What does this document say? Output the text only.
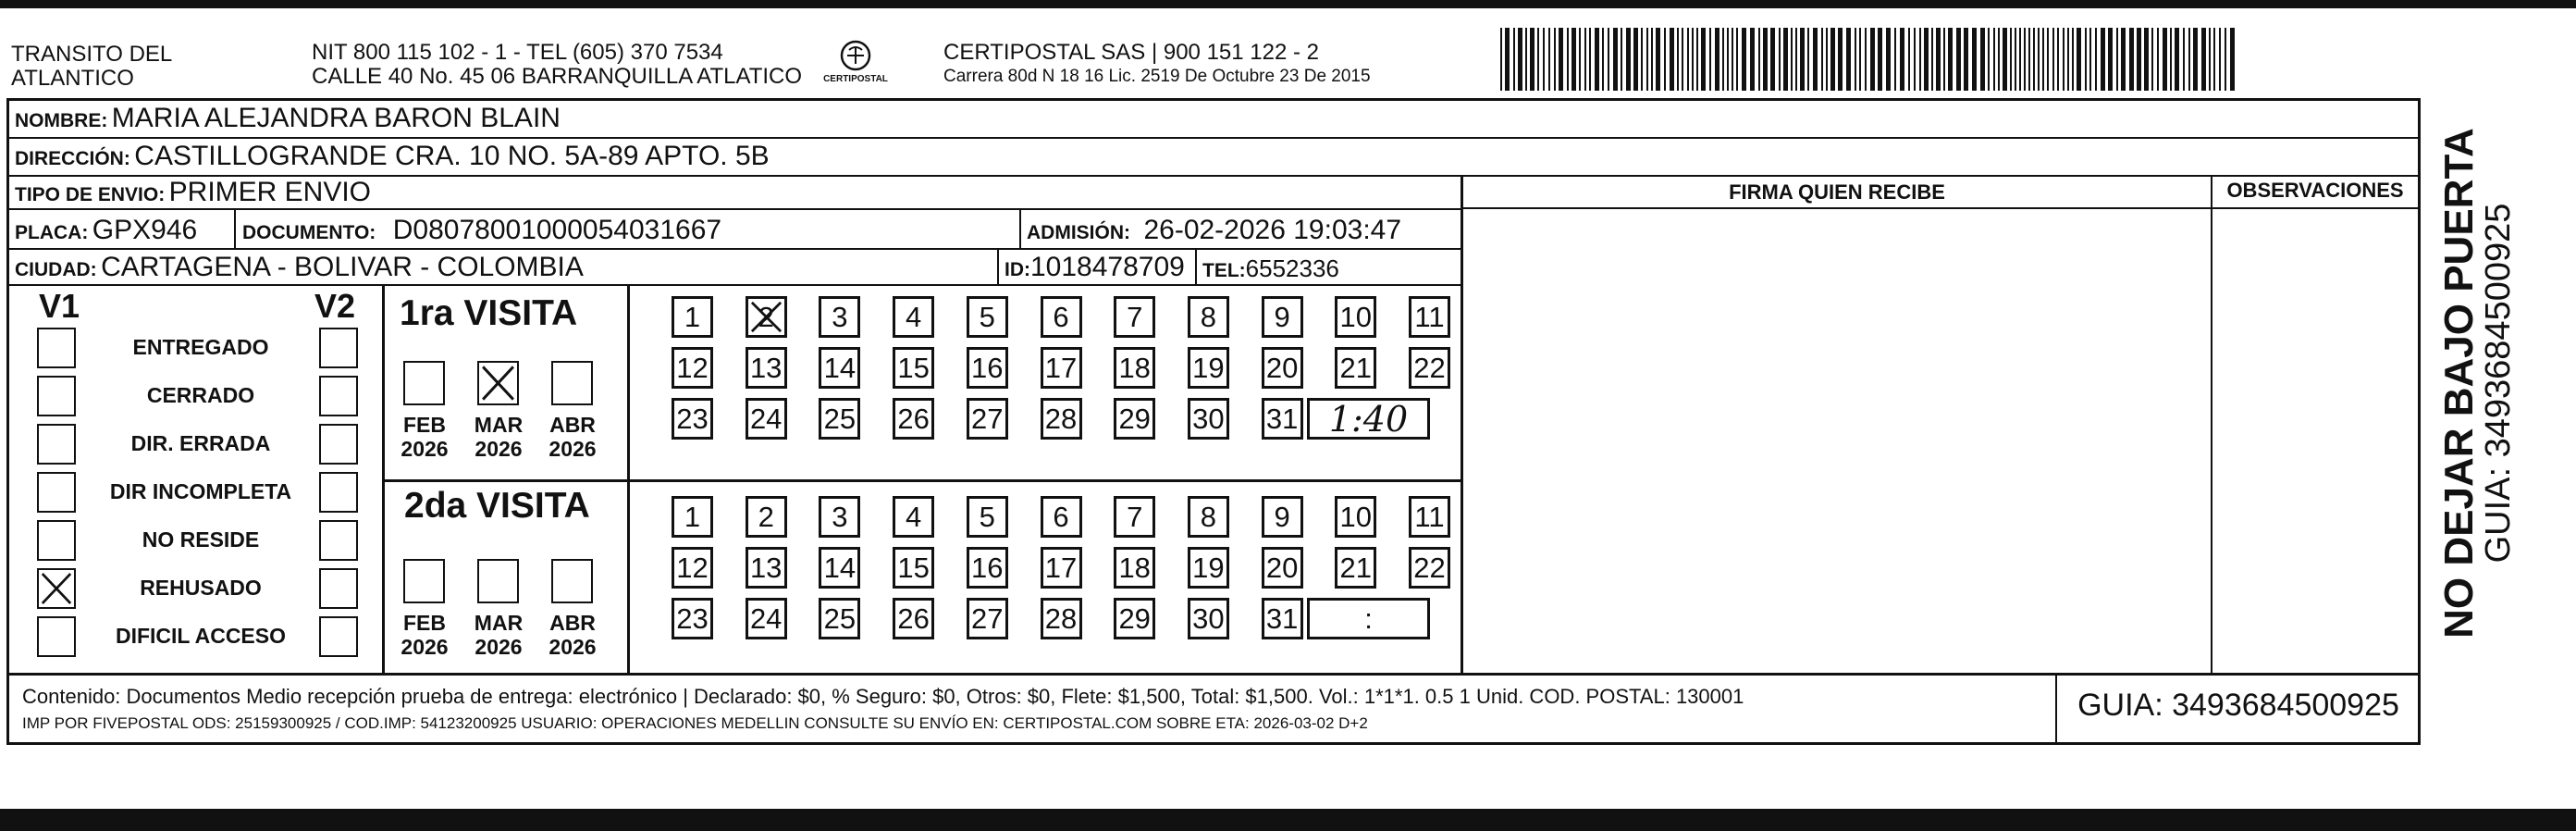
TRANSITO DEL
ATLANTICO
NIT 800 115 102 - 1 - TEL (605) 370 7534
CALLE 40 No. 45 06 BARRANQUILLA ATLATICO	CERTIPOSTAL
CERTIPOSTAL SAS | 900 151 122 - 2
Carrera 80d N 18 16 Lic. 2519 De Octubre 23 De 2015
NOMBRE: MARIA ALEJANDRA BARON BLAIN
DIRECCIÓN: CASTILLOGRANDE CRA. 10 NO. 5A-89 APTO. 5B
TIPO DE ENVIO: PRIMER ENVIO
PLACA: GPX946 DOCUMENTO: D08078001000054031667	ADMISIÓN: 26-02-2026 19:03:47
CIUDAD: CARTAGENA - BOLIVAR - COLOMBIA	ID:1018478709 TEL:6552336
FIRMA QUIEN RECIBE	OBSERVACIONES
V1	V2
ENTREGADO
CERRADO
DIR. ERRADA
DIR INCOMPLETA
NO RESIDE
REHUSADO
DIFICIL ACCESO
1ra VISITA
2da VISITA
FEB
2026
MAR
2026
ABR
2026
FEB
2026
MAR
2026
ABR
2026
1 2 3 4 5 6 7 8 9 10 11
12 13 14 15 16 17 18 19 20 21 22
23 24 25 26 27 28 29 30 31 1:40
1 2 3 4 5 6 7 8 9 10 11
12 13 14 15 16 17 18 19 20 21 22
23 24 25 26 27 28 29 30 31 :
Contenido: Documentos Medio recepción prueba de entrega: electrónico | Declarado: $0, % Seguro: $0, Otros: $0, Flete: $1,500, Total: $1,500. Vol.: 1*1*1. 0.5 1 Unid. COD. POSTAL: 130001
IMP POR FIVEPOSTAL ODS: 25159300925 / COD.IMP: 54123200925 USUARIO: OPERACIONES MEDELLIN CONSULTE SU ENVÍO EN: CERTIPOSTAL.COM SOBRE ETA: 2026-03-02 D+2
GUIA: 3493684500925
NO DEJAR BAJO PUERTA
GUIA: 3493684500925
